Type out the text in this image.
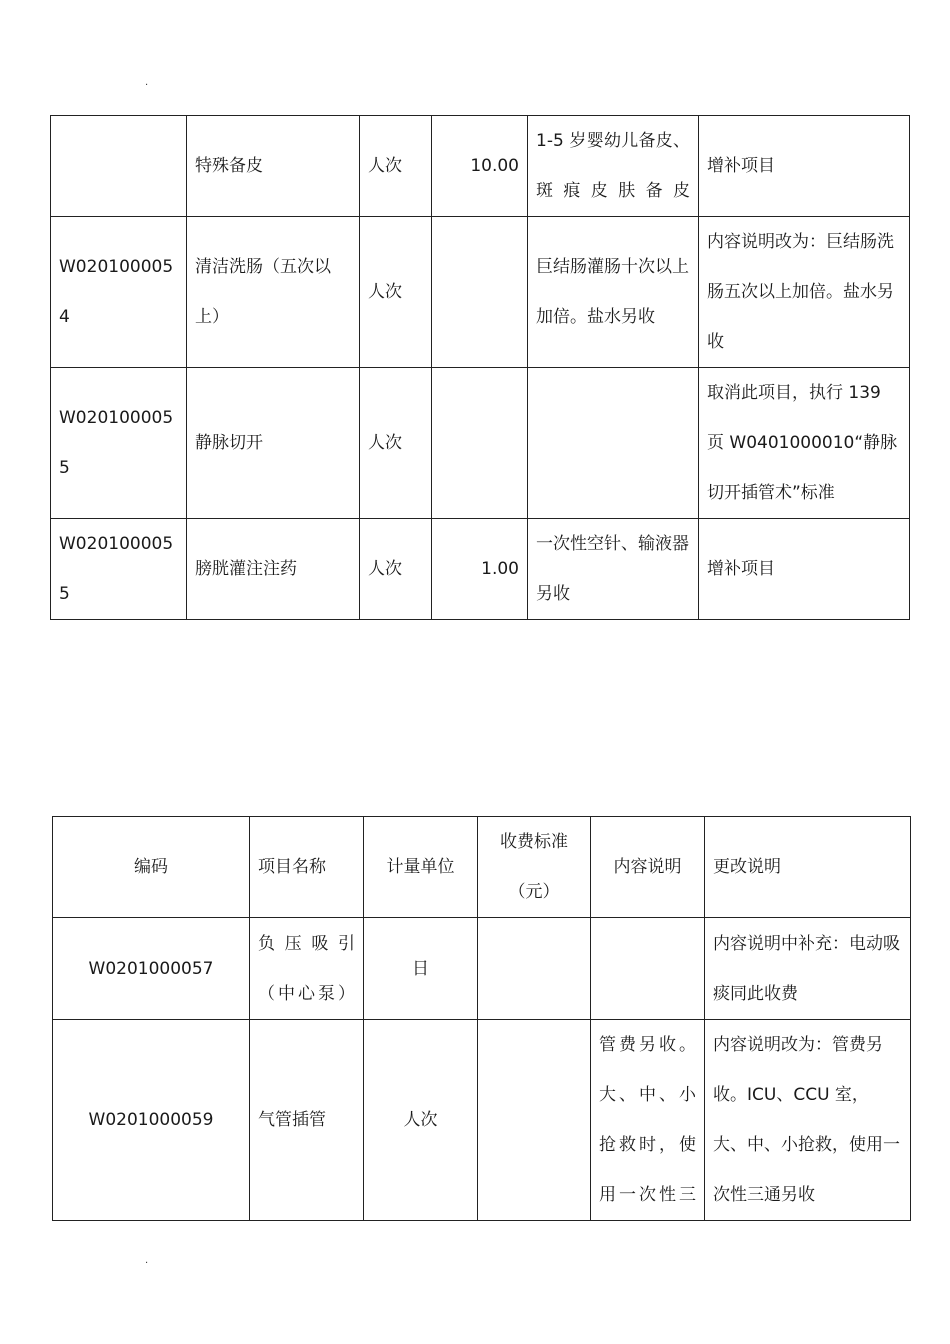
.
	特殊备皮	人次	10.00	1-5 岁婴幼儿备皮、斑痕皮肤备皮	增补项目
W0201000054	清洁洗肠（五次以上）	人次		巨结肠灌肠十次以上加倍。盐水另收	内容说明改为：巨结肠洗肠五次以上加倍。盐水另收
W0201000055	静脉切开	人次			取消此项目，执行 139 页 W0401000010“静脉切开插管术”标准
W0201000055	膀胱灌注注药	人次	1.00	一次性空针、输液器另收	增补项目
编码	项目名称	计量单位	收费标准（元）	内容说明	更改说明
W0201000057	负压吸引（中心泵）	日			内容说明中补充：电动吸痰同此收费
W0201000059	气管插管	人次		管费另收。大、中、小抢救时，使用一次性三	内容说明改为：管费另收。ICU、CCU 室，大、中、小抢救，使用一次性三通另收
.
